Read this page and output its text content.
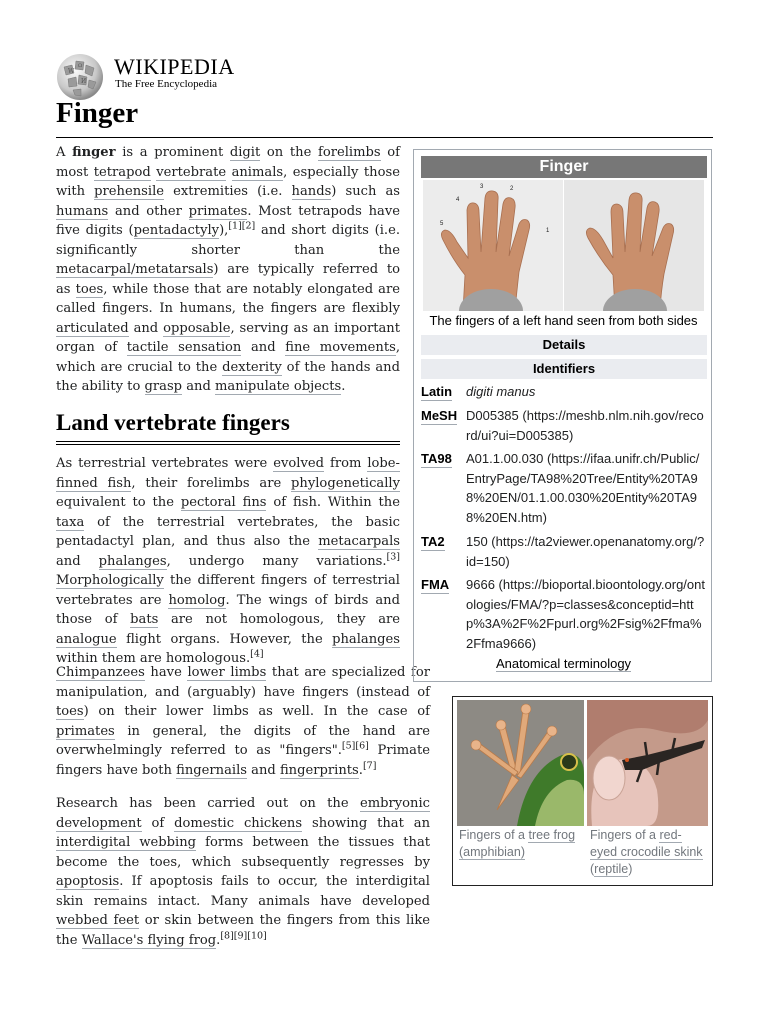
W
Ω
И
WIKIPEDIA
The Free Encyclopedia
Finger

A finger is a prominent digit on the forelimbs of most tetrapod vertebrate animals, especially those with prehensile extremities (i.e. hands) such as humans and other primates. Most tetrapods have five digits (pentadactyly),[1][2] and short digits (i.e. significantly shorter than the metacarpal/metatarsals) are typically referred to as toes, while those that are notably elongated are called fingers. In humans, the fingers are flexibly articulated and opposable, serving as an important organ of tactile sensation and fine movements, which are crucial to the dexterity of the hands and the ability to grasp and manipulate objects.

Land vertebrate fingers

As terrestrial vertebrates were evolved from lobe-finned fish, their forelimbs are phylogenetically equivalent to the pectoral fins of fish. Within the taxa of the terrestrial vertebrates, the basic pentadactyl plan, and thus also the metacarpals and phalanges, undergo many variations.[3] Morphologically the different fingers of terrestrial vertebrates are homolog. The wings of birds and those of bats are not homologous, they are analogue flight organs. However, the phalanges within them are homologous.[4]

Chimpanzees have lower limbs that are specialized for manipulation, and (arguably) have fingers (instead of toes) on their lower limbs as well. In the case of primates in general, the digits of the hand are overwhelmingly referred to as "fingers".[5][6] Primate fingers have both fingernails and fingerprints.[7]

Research has been carried out on the embryonic development of domestic chickens showing that an interdigital webbing forms between the tissues that become the toes, which subsequently regresses by apoptosis. If apoptosis fails to occur, the interdigital skin remains intact. Many animals have developed webbed feet or skin between the fingers from this like the Wallace's flying frog.[8][9][10]

Finger
3	2
4
5
1
The fingers of a left hand seen from both sides
Details
Identifiers
Latin digiti manus
MeSH D005385 (https://meshb.nlm.nih.gov/record/ui?ui=D005385)
TA98 A01.1.00.030 (https://ifaa.unifr.ch/Public/EntryPage/TA98%20Tree/Entity%20TA98%20EN/01.1.00.030%20Entity%20TA98%20EN.htm)
TA2 150 (https://ta2viewer.openanatomy.org/?id=150)
FMA 9666 (https://bioportal.bioontology.org/ontologies/FMA/?p=classes&conceptid=http%3A%2F%2Fpurl.org%2Fsig%2Ffma%2Ffma9666)
Anatomical terminology
Fingers of a tree frog (amphibian)
Fingers of a red-eyed crocodile skink (reptile)
